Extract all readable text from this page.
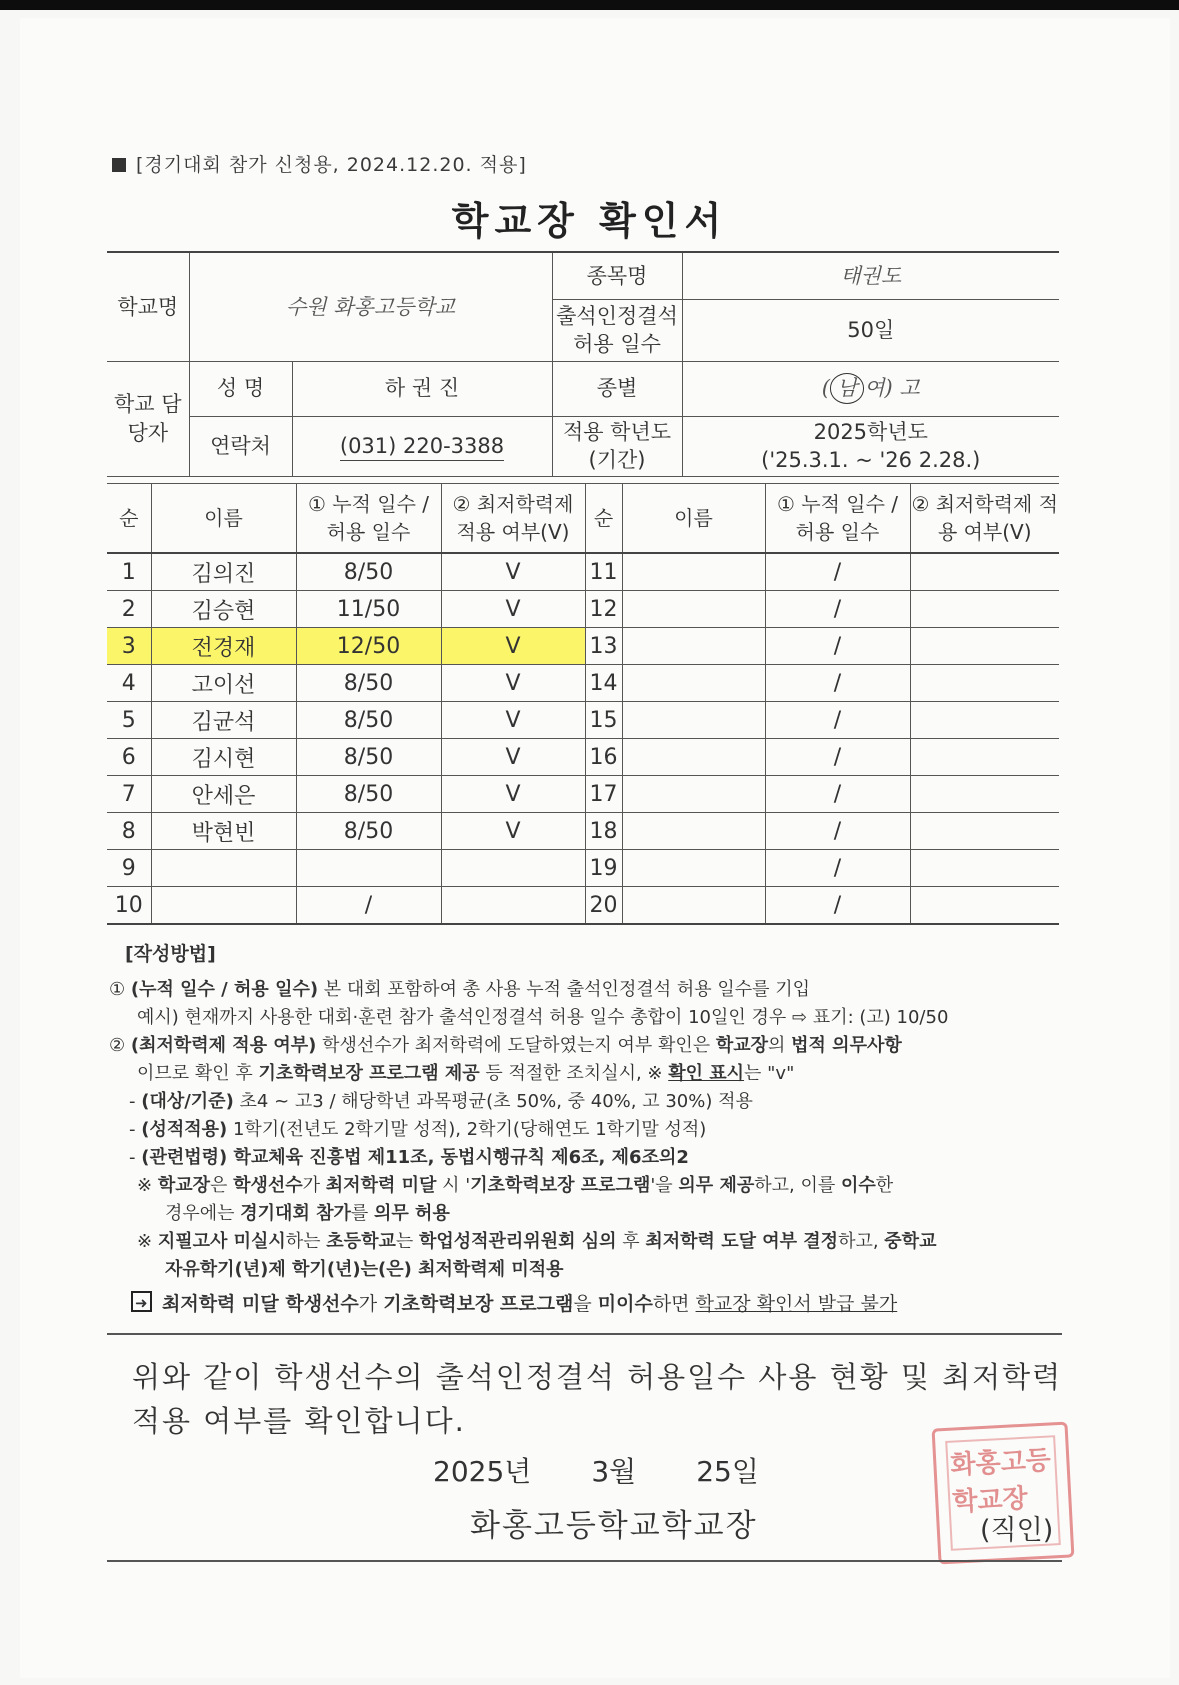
[경기대회 참가 신청용, 2024.12.20. 적용]
학교장 확인서
학교명	수원 화홍고등학교		종목명	태권도
			출석인정결석 허용 일수	50일
학교 담당자	성 명	하 권 진	종별	( 남 여) 고
	연락처	(031) 220-3388	적용 학년도 (기간)	2025학년도
('25.3.1. ~ '26 2.28.)
순	이름	① 누적 일수 / 허용 일수	② 최저학력제 적용 여부(V)	순	이름	① 누적 일수 / 허용 일수	② 최저학력제 적용 여부(V)
1	김의진	8/50	V	11		/	
2	김승현	11/50	V	12		/	
3	전경재	12/50	V	13		/	
4	고이선	8/50	V	14		/	
5	김균석	8/50	V	15		/	
6	김시현	8/50	V	16		/	
7	안세은	8/50	V	17		/	
8	박현빈	8/50	V	18		/	
9				19		/	
10		/		20		/	
[작성방법]
① (누적 일수 / 허용 일수) 본 대회 포함하여 총 사용 누적 출석인정결석 허용 일수를 기입
예시) 현재까지 사용한 대회·훈련 참가 출석인정결석 허용 일수 총합이 10일인 경우 ⇨ 표기: (고) 10/50
② (최저학력제 적용 여부) 학생선수가 최저학력에 도달하였는지 여부 확인은 학교장의 법적 의무사항
이므로 확인 후 기초학력보장 프로그램 제공 등 적절한 조치실시, ※ 확인 표시는 "v"
- (대상/기준) 초4 ~ 고3 / 해당학년 과목평균(초 50%, 중 40%, 고 30%) 적용
- (성적적용) 1학기(전년도 2학기말 성적), 2학기(당해연도 1학기말 성적)
- (관련법령) 학교체육 진흥법 제11조, 동법시행규칙 제6조, 제6조의2
※ 학교장은 학생선수가 최저학력 미달 시 '기초학력보장 프로그램'을 의무 제공하고, 이를 이수한
경우에는 경기대회 참가를 의무 허용
※ 지필고사 미실시하는 초등학교는 학업성적관리위원회 심의 후 최저학력 도달 여부 결정하고, 중학교
자유학기(년)제 학기(년)는(은) 최저학력제 미적용
➜ 최저학력 미달 학생선수가 기초학력보장 프로그램을 미이수하면 학교장 확인서 발급 불가
위와 같이 학생선수의 출석인정결석 허용일수 사용 현황 및 최저학력
적용 여부를 확인합니다.
2025년 3월 25일	화홍고등학교장
화홍고등학교학교장	(직인)
